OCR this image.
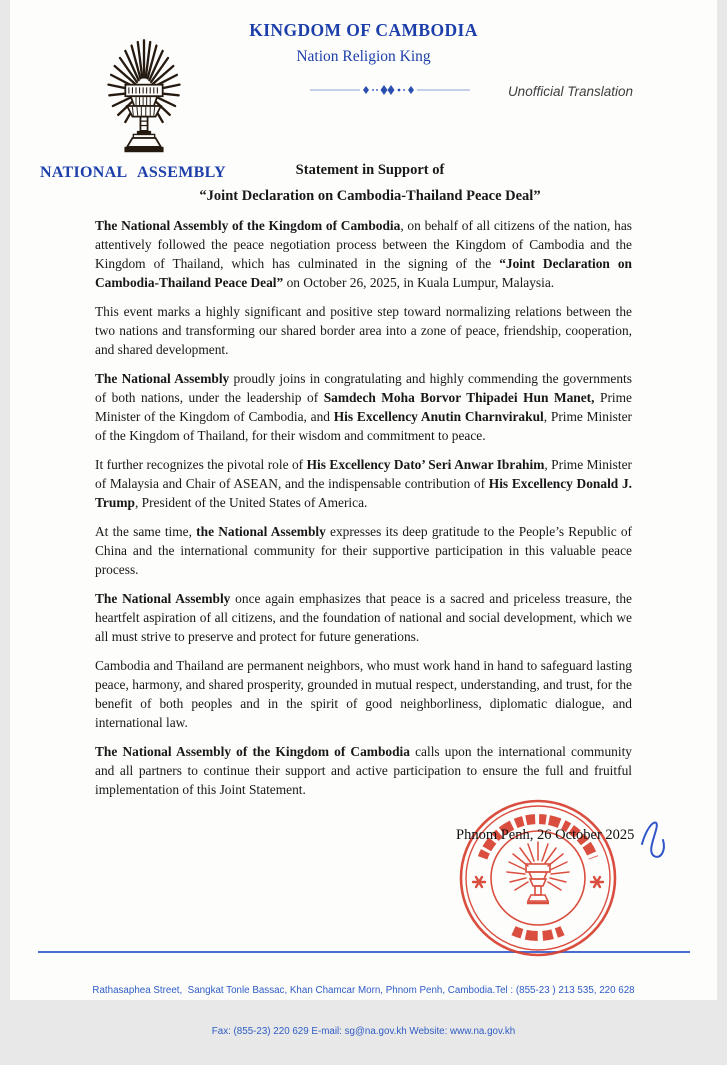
KINGDOM OF CAMBODIA
Nation Religion King
Unofficial Translation
NATIONAL ASSEMBLY	Statement in Support of
“Joint Declaration on Cambodia-Thailand Peace Deal”

The National Assembly of the Kingdom of Cambodia, on behalf of all citizens of the nation, has attentively followed the peace negotiation process between the Kingdom of Cambodia and the Kingdom of Thailand, which has culminated in the signing of the “Joint Declaration on Cambodia-Thailand Peace Deal” on October 26, 2025, in Kuala Lumpur, Malaysia.

This event marks a highly significant and positive step toward normalizing relations between the two nations and transforming our shared border area into a zone of peace, friendship, cooperation, and shared development.

The National Assembly proudly joins in congratulating and highly commending the governments of both nations, under the leadership of Samdech Moha Borvor Thipadei Hun Manet, Prime Minister of the Kingdom of Cambodia, and His Excellency Anutin Charnvirakul, Prime Minister of the Kingdom of Thailand, for their wisdom and commitment to peace.

It further recognizes the pivotal role of His Excellency Dato’ Seri Anwar Ibrahim, Prime Minister of Malaysia and Chair of ASEAN, and the indispensable contribution of His Excellency Donald J. Trump, President of the United States of America.

At the same time, the National Assembly expresses its deep gratitude to the People’s Republic of China and the international community for their supportive participation in this valuable peace process.

The National Assembly once again emphasizes that peace is a sacred and priceless treasure, the heartfelt aspiration of all citizens, and the foundation of national and social development, which we all must strive to preserve and protect for future generations.

Cambodia and Thailand are permanent neighbors, who must work hand in hand to safeguard lasting peace, harmony, and shared prosperity, grounded in mutual respect, understanding, and trust, for the benefit of both peoples and in the spirit of good neighborliness, diplomatic dialogue, and international law.

The National Assembly of the Kingdom of Cambodia calls upon the international community and all partners to continue their support and active participation to ensure the full and fruitful implementation of this Joint Statement.

Phnom Penh, 26 October 2025

Rathasaphea Street,  Sangkat Tonle Bassac, Khan Chamcar Morn, Phnom Penh, Cambodia.Tel : (855-23 ) 213 535, 220 628

Fax: (855-23) 220 629 E-mail: sg@na.gov.kh Website: www.na.gov.kh
